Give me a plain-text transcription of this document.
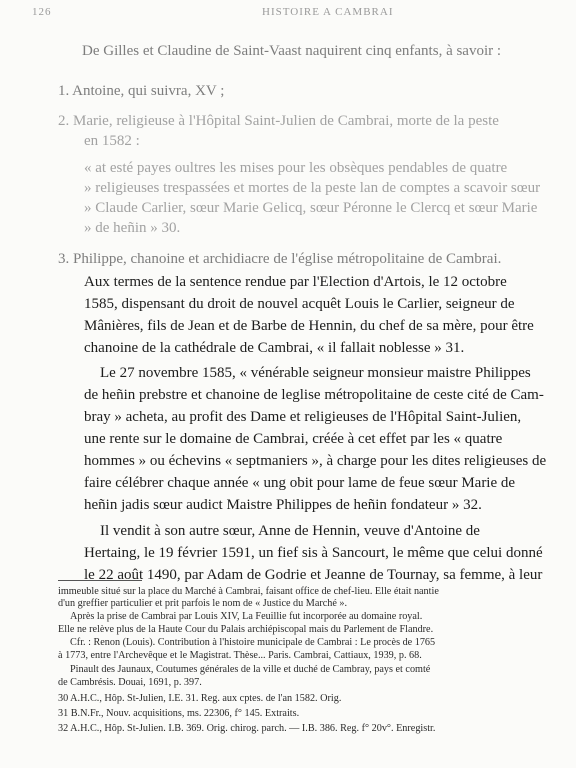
126	HISTOIRE A CAMBRAI
De Gilles et Claudine de Saint-Vaast naquirent cinq enfants, à savoir :
1. Antoine, qui suivra, XV ;
2. Marie, religieuse à l'Hôpital Saint-Julien de Cambrai, morte de la peste
en 1582 :
« at esté payes oultres les mises pour les obsèques pendables de quatre
» religieuses trespassées et mortes de la peste lan de comptes a scavoir sœur
» Claude Carlier, sœur Marie Gelicq, sœur Péronne le Clercq et sœur Marie
» de heñin » 30.
3. Philippe, chanoine et archidiacre de l'église métropolitaine de Cambrai.
Aux termes de la sentence rendue par l'Election d'Artois, le 12 octobre
1585, dispensant du droit de nouvel acquêt Louis le Carlier, seigneur de
Mânières, fils de Jean et de Barbe de Hennin, du chef de sa mère, pour être
chanoine de la cathédrale de Cambrai, « il fallait noblesse » 31.
Le 27 novembre 1585, « vénérable seigneur monsieur maistre Philippes
de heñin prebstre et chanoine de leglise métropolitaine de ceste cité de Cam-
bray » acheta, au profit des Dame et religieuses de l'Hôpital Saint-Julien,
une rente sur le domaine de Cambrai, créée à cet effet par les « quatre
hommes » ou échevins « septmaniers », à charge pour les dites religieuses de
faire célébrer chaque année « ung obit pour lame de feue sœur Marie de
heñin jadis sœur audict Maistre Philippes de heñin fondateur » 32.
Il vendit à son autre sœur, Anne de Hennin, veuve d'Antoine de
Hertaing, le 19 février 1591, un fief sis à Sancourt, le même que celui donné
le 22 août 1490, par Adam de Godrie et Jeanne de Tournay, sa femme, à leur
immeuble situé sur la place du Marché à Cambrai, faisant office de chef-lieu. Elle était nantie
d'un greffier particulier et prit parfois le nom de « Justice du Marché ».
Après la prise de Cambrai par Louis XIV, La Feuillie fut incorporée au domaine royal.
Elle ne relève plus de la Haute Cour du Palais archiépiscopal mais du Parlement de Flandre.
Cfr. : Renon (Louis). Contribution à l'histoire municipale de Cambrai : Le procès de 1765
à 1773, entre l'Archevêque et le Magistrat. Thèse... Paris. Cambrai, Cattiaux, 1939, p. 68.
Pinault des Jaunaux, Coutumes générales de la ville et duché de Cambray, pays et comté
de Cambrésis. Douai, 1691, p. 397.
30 A.H.C., Hôp. St-Julien, I.E. 31. Reg. aux cptes. de l'an 1582. Orig.
31 B.N.Fr., Nouv. acquisitions, ms. 22306, f° 145. Extraits.
32 A.H.C., Hôp. St-Julien. I.B. 369. Orig. chirog. parch. — I.B. 386. Reg. f° 20v°. Enregistr.
